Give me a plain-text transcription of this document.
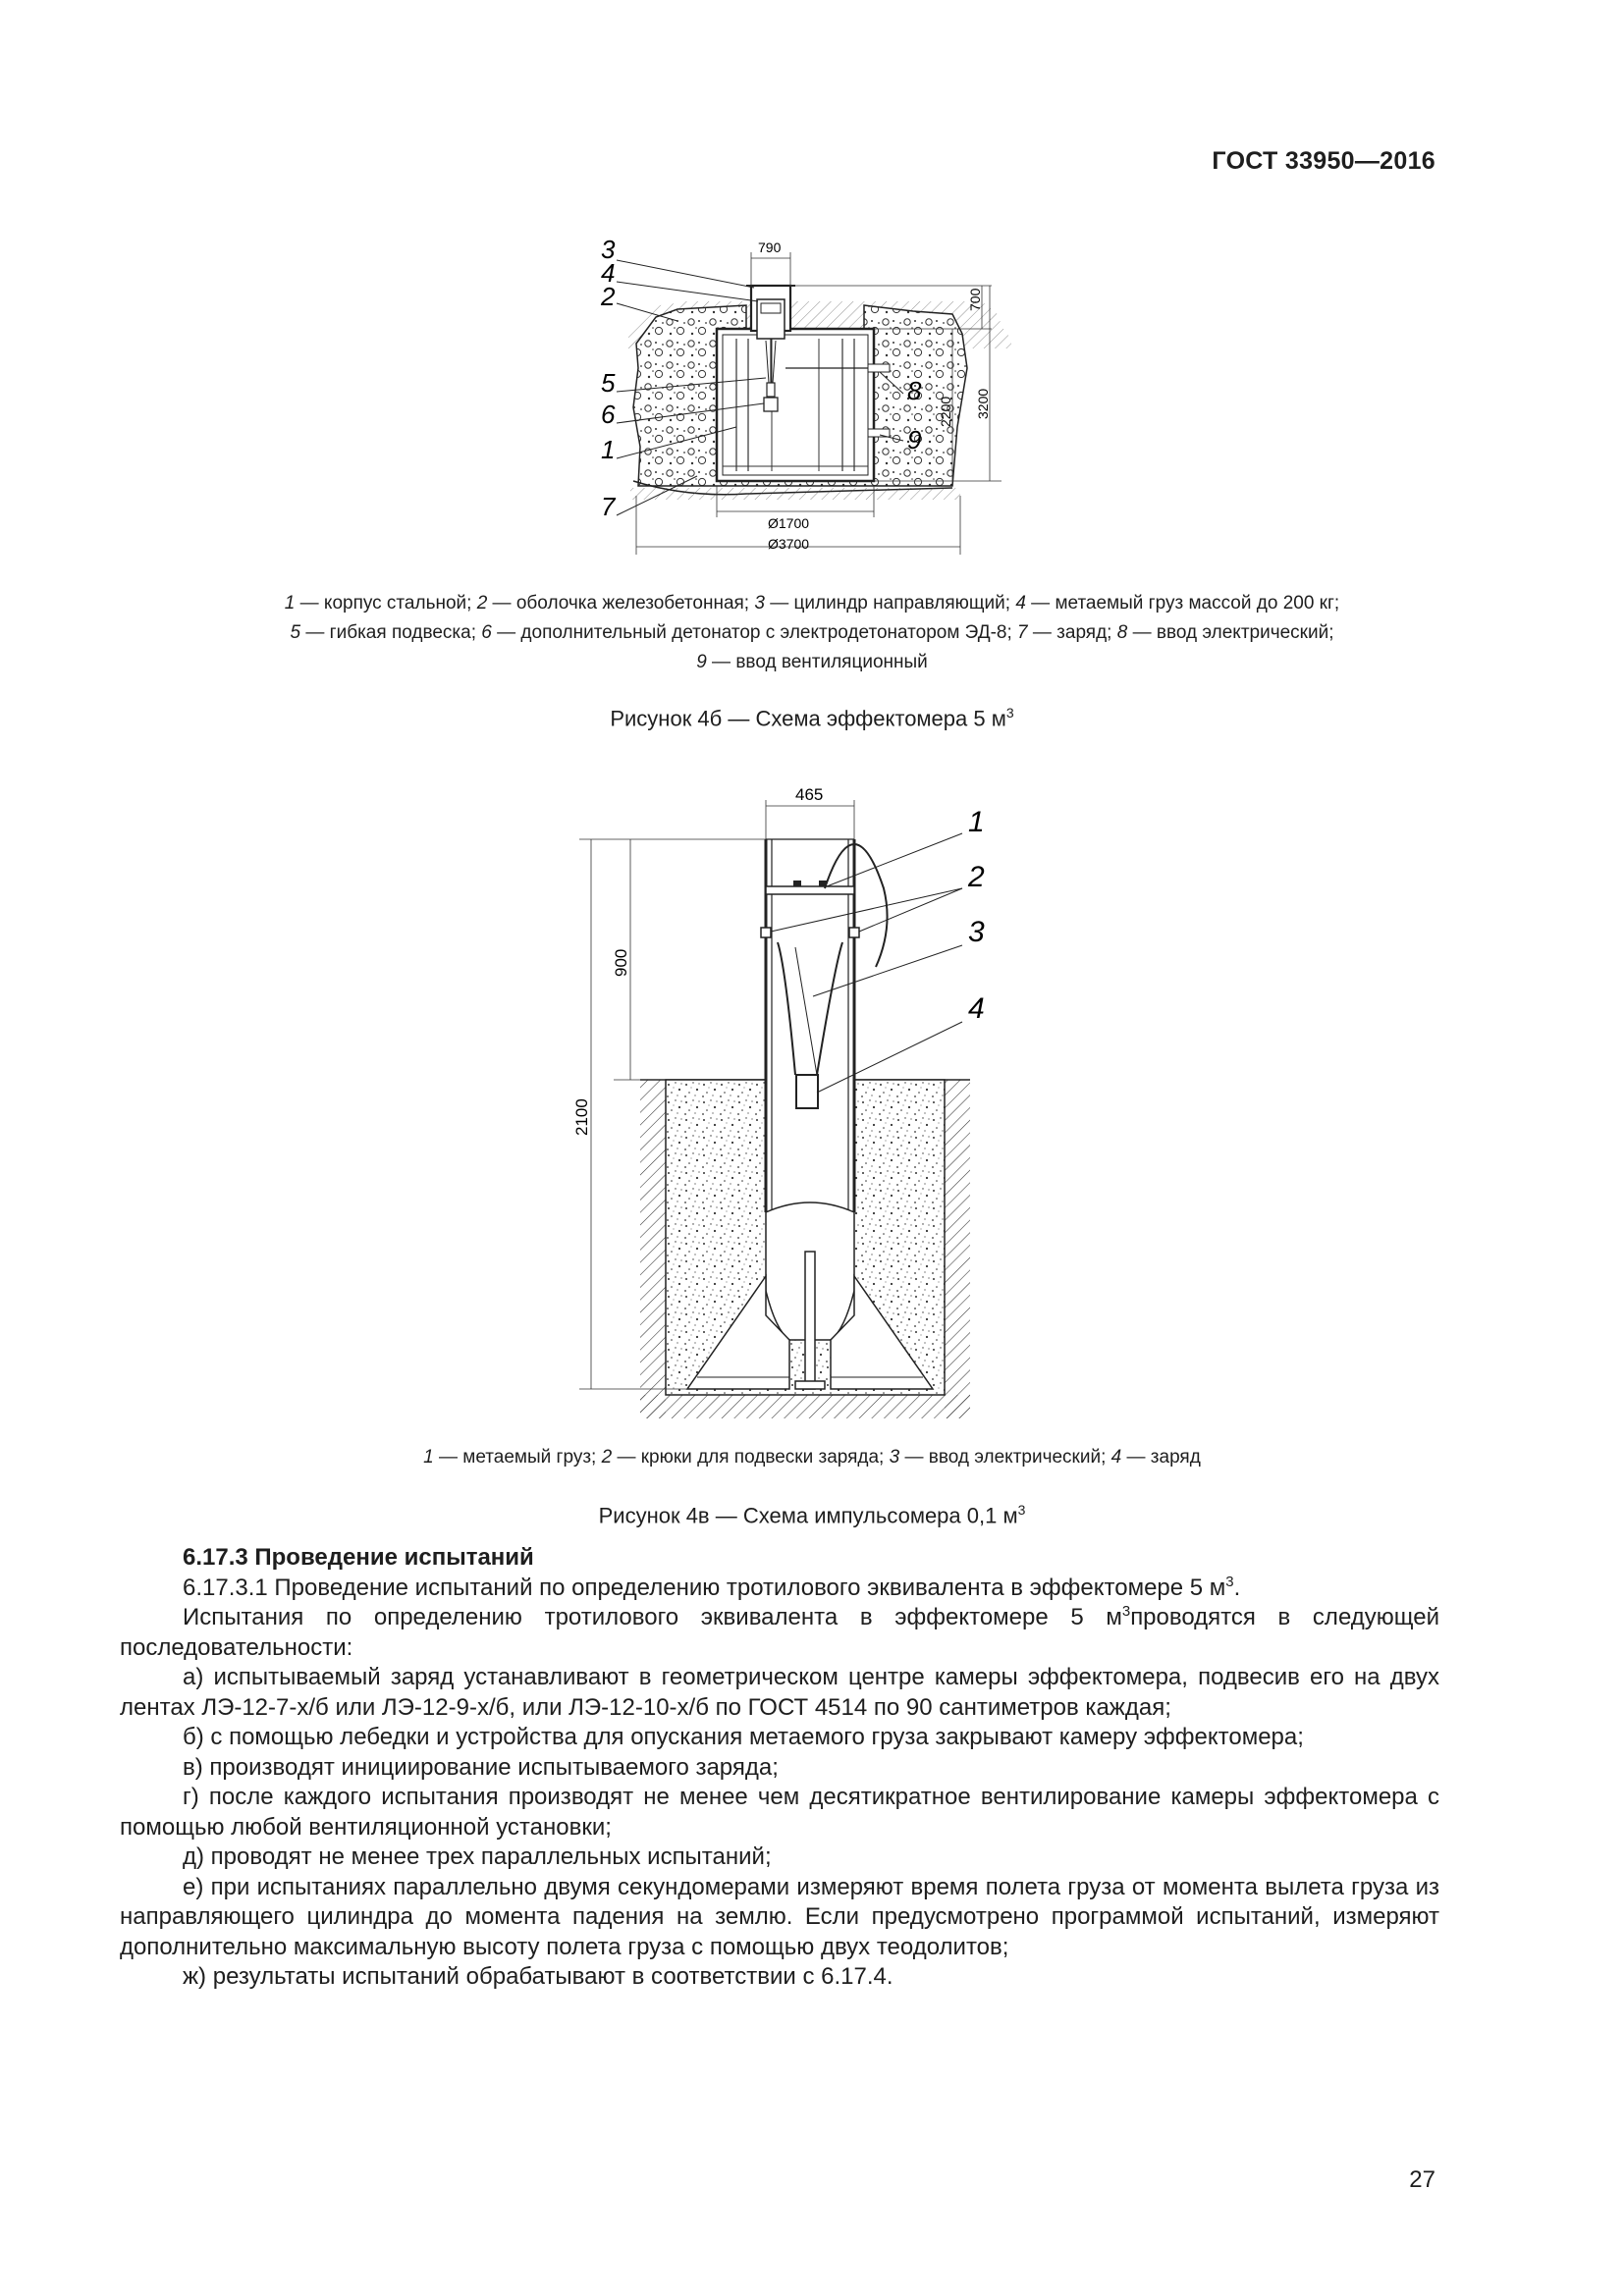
ГОСТ 33950—2016
790
700
2200 3200
Ø1700
Ø3700
3
4
2
5
6
1
7
8
9
1 — корпус стальной; 2 — оболочка железобетонная; 3 — цилиндр направляющий; 4 — метаемый груз массой до 200 кг;
5 — гибкая подвеска; 6 — дополнительный детонатор с электродетонатором ЭД-8; 7 — заряд; 8 — ввод электрический;
9 — ввод вентиляционный
Рисунок 4б — Схема эффектомера 5 $м^3$
465
900
2100
1
2
3
4
1 — метаемый груз; 2 — крюки для подвески заряда; 3 — ввод электрический; 4 — заряд
Рисунок 4в — Схема импульсомера 0,1 $м^3$

6.17.3 Проведение испытаний

6.17.3.1 Проведение испытаний по определению тротилового эквивалента в эффектомере 5 $м^3$.

Испытания по определению тротилового эквивалента в эффектомере 5 $м^3проводятся$ в следующей последовательности:

а) испытываемый заряд устанавливают в геометрическом центре камеры эффектомера, подвесив его на двух лентах ЛЭ-12-7-х/б или ЛЭ-12-9-х/б, или ЛЭ-12-10-х/б по ГОСТ 4514 по 90 сантиметров каждая;

б) с помощью лебедки и устройства для опускания метаемого груза закрывают камеру эффектомера;

в) производят инициирование испытываемого заряда;

г) после каждого испытания производят не менее чем десятикратное вентилирование камеры эффектомера с помощью любой вентиляционной установки;

д) проводят не менее трех параллельных испытаний;

е) при испытаниях параллельно двумя секундомерами измеряют время полета груза от момента вылета груза из направляющего цилиндра до момента падения на землю. Если предусмотрено программой испытаний, измеряют дополнительно максимальную высоту полета груза с помощью двух теодолитов;

ж) результаты испытаний обрабатывают в соответствии с 6.17.4.

27
